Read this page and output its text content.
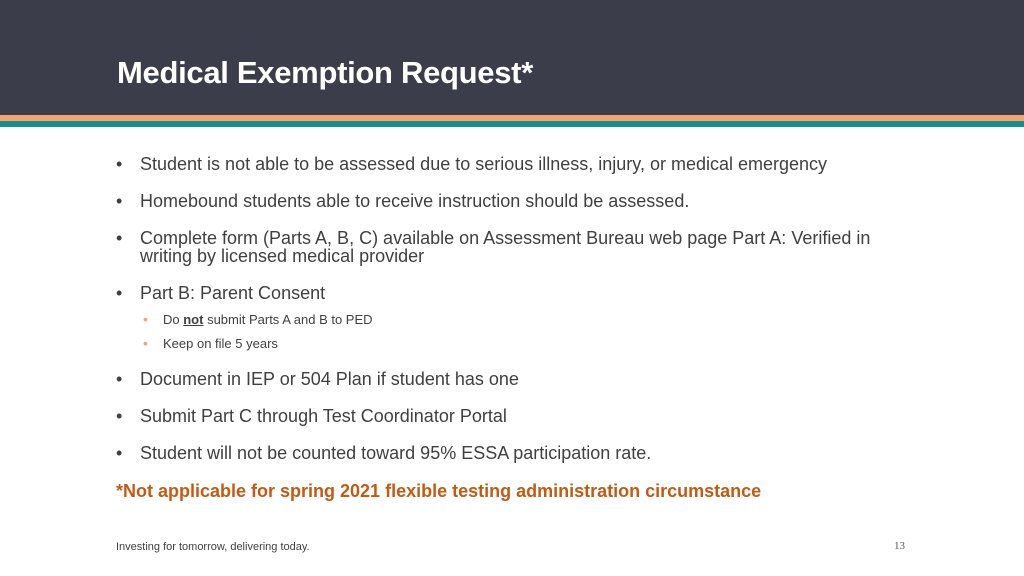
Medical Exemption Request*
• Student is not able to be assessed due to serious illness, injury, or medical emergency
• Homebound students able to receive instruction should be assessed.
• Complete form (Parts A, B, C) available on Assessment Bureau web page Part A: Verified in writing by licensed medical provider
• Part B: Parent Consent
• Do not submit Parts A and B to PED
• Keep on file 5 years
• Document in IEP or 504 Plan if student has one
• Submit Part C through Test Coordinator Portal
• Student will not be counted toward 95% ESSA participation rate.
*Not applicable for spring 2021 flexible testing administration circumstance
Investing for tomorrow, delivering today.	13
